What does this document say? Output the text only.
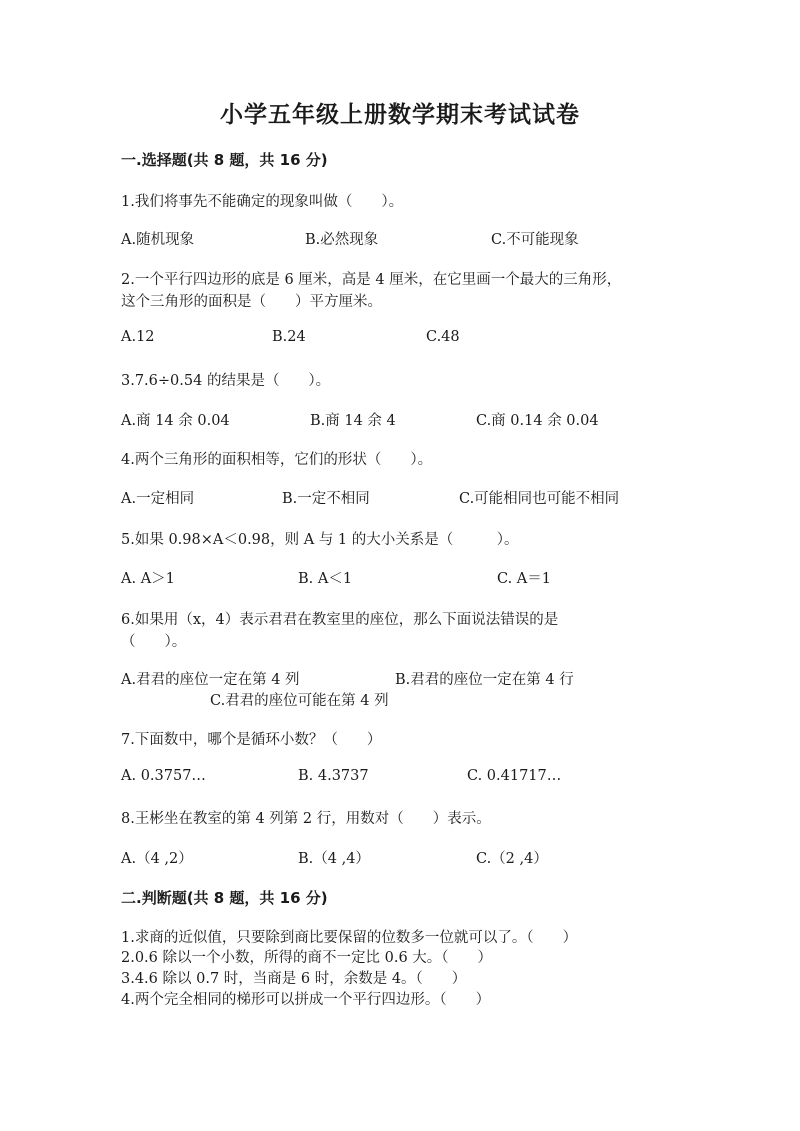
小学五年级上册数学期末考试试卷
一.选择题(共 8 题，共 16 分)
1.我们将事先不能确定的现象叫做（　　）。
A.随机现象	B.必然现象	C.不可能现象
2.一个平行四边形的底是 6 厘米，高是 4 厘米，在它里画一个最大的三角形，
这个三角形的面积是（　　）平方厘米。
A.12	B.24	C.48
3.7.6÷0.54 的结果是（　　）。
A.商 14 余 0.04	B.商 14 余 4	C.商 0.14 余 0.04
4.两个三角形的面积相等，它们的形状（　　）。
A.一定相同	B.一定不相同	C.可能相同也可能不相同
5.如果 0.98×A＜0.98，则 A 与 1 的大小关系是（　　　）。
A. A＞1	B. A＜1	C. A＝1
6.如果用（x，4）表示君君在教室里的座位，那么下面说法错误的是
（　　）。
A.君君的座位一定在第 4 列	B.君君的座位一定在第 4 行
C.君君的座位可能在第 4 列
7.下面数中，哪个是循环小数？（　　）
A. 0.3757…	B. 4.3737	C. 0.41717…
8.王彬坐在教室的第 4 列第 2 行，用数对（　　）表示。
A.（4 ,2）	B.（4 ,4）	C.（2 ,4）
二.判断题(共 8 题，共 16 分)
1.求商的近似值，只要除到商比要保留的位数多一位就可以了。（　　）
2.0.6 除以一个小数，所得的商不一定比 0.6 大。（　　）
3.4.6 除以 0.7 时，当商是 6 时，余数是 4。（　　）
4.两个完全相同的梯形可以拼成一个平行四边形。（　　）
